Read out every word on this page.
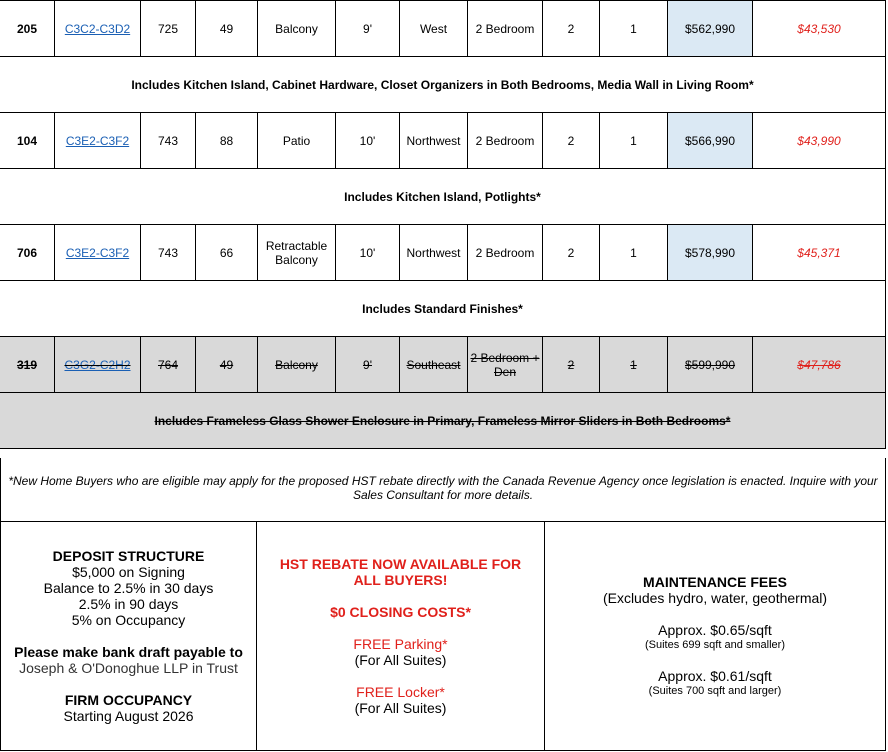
205	C3C2-C3D2	725	49	Balcony	9'	West	2 Bedroom	2	1	$562,990	$43,530
Includes Kitchen Island, Cabinet Hardware, Closet Organizers in Both Bedrooms, Media Wall in Living Room*											
104	C3E2-C3F2	743	88	Patio	10'	Northwest	2 Bedroom	2	1	$566,990	$43,990
Includes Kitchen Island, Potlights*											
706	C3E2-C3F2	743	66	Retractable Balcony	10'	Northwest	2 Bedroom	2	1	$578,990	$45,371
Includes Standard Finishes*											
319	C3G2-C2H2	764	49	Balcony	9'	Southeast	2 Bedroom + Den	2	1	$599,990	$47,786
Includes Frameless Glass Shower Enclosure in Primary, Frameless Mirror Sliders in Both Bedrooms*											
*New Home Buyers who are eligible may apply for the proposed HST rebate directly with the Canada Revenue Agency once legislation is enacted. Inquire with your Sales Consultant for more details.
DEPOSIT STRUCTURE
$5,000 on Signing
Balance to 2.5% in 30 days
2.5% in 90 days
5% on Occupancy
Please make bank draft payable to
Joseph & O'Donoghue LLP in Trust
FIRM OCCUPANCY
Starting August 2026
HST REBATE NOW AVAILABLE FOR ALL BUYERS!
$0 CLOSING COSTS*
FREE Parking*
(For All Suites)
FREE Locker*
(For All Suites)
MAINTENANCE FEES
(Excludes hydro, water, geothermal)
Approx. $0.65/sqft
(Suites 699 sqft and smaller)
Approx. $0.61/sqft
(Suites 700 sqft and larger)
